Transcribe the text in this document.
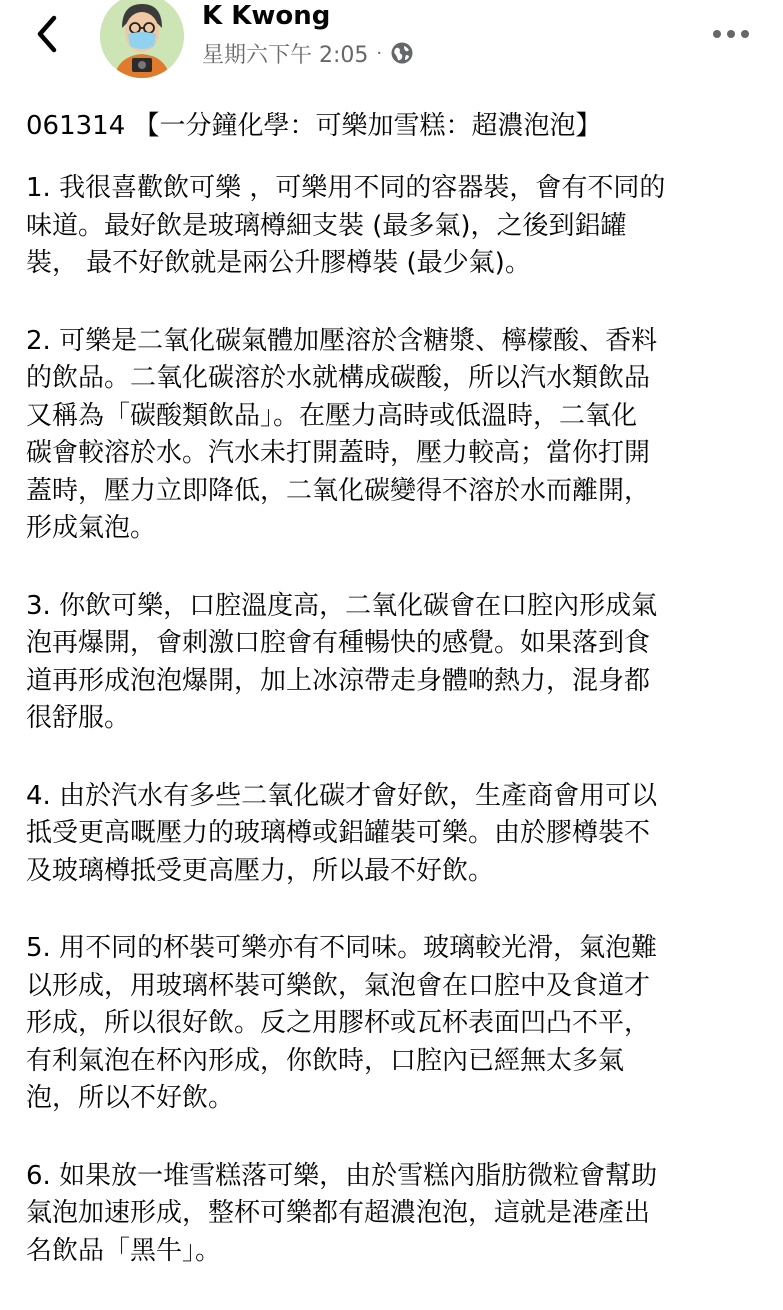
K Kwong
星期六下午 2:05 ·
061314 【一分鐘化學：可樂加雪糕：超濃泡泡】
1. 我很喜歡飲可樂 ，可樂用不同的容器裝，會有不同的
味道。最好飲是玻璃樽細支裝 (最多氣)，之後到鋁罐
裝， 最不好飲就是兩公升膠樽裝 (最少氣)。
2. 可樂是二氧化碳氣體加壓溶於含糖漿、檸檬酸、香料
的飲品。二氧化碳溶於水就構成碳酸，所以汽水類飲品
又稱為「碳酸類飲品」。在壓力高時或低溫時，二氧化
碳會較溶於水。汽水未打開蓋時，壓力較高；當你打開
蓋時，壓力立即降低，二氧化碳變得不溶於水而離開，
形成氣泡。
3. 你飲可樂，口腔溫度高，二氧化碳會在口腔內形成氣
泡再爆開，會刺激口腔會有種暢快的感覺。如果落到食
道再形成泡泡爆開，加上冰涼帶走身體啲熱力，混身都
很舒服。
4. 由於汽水有多些二氧化碳才會好飲，生產商會用可以
抵受更高嘅壓力的玻璃樽或鋁罐裝可樂。由於膠樽裝不
及玻璃樽抵受更高壓力，所以最不好飲。
5. 用不同的杯裝可樂亦有不同味。玻璃較光滑，氣泡難
以形成，用玻璃杯裝可樂飲，氣泡會在口腔中及食道才
形成，所以很好飲。反之用膠杯或瓦杯表面凹凸不平，
有利氣泡在杯內形成，你飲時，口腔內已經無太多氣
泡，所以不好飲。
6. 如果放一堆雪糕落可樂，由於雪糕內脂肪微粒會幫助
氣泡加速形成，整杯可樂都有超濃泡泡，這就是港產出
名飲品「黑牛」。
